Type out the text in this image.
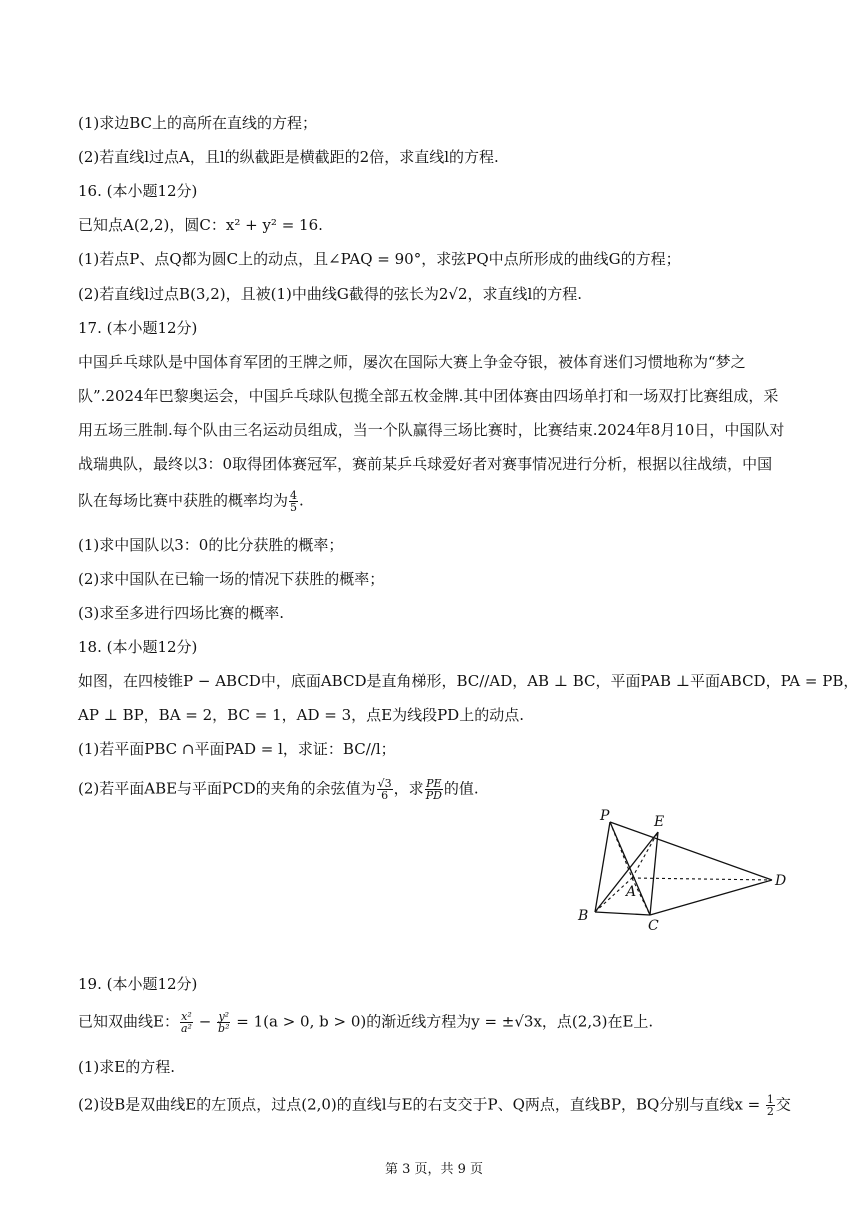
(1)求边BC上的高所在直线的方程；
(2)若直线l过点A，且l的纵截距是横截距的2倍，求直线l的方程.
16. (本小题12分)
已知点A(2,2)，圆C：x² + y² = 16.
(1)若点P、点Q都为圆C上的动点，且∠PAQ = 90°，求弦PQ中点所形成的曲线G的方程；
(2)若直线l过点B(3,2)，且被(1)中曲线G截得的弦长为2√2，求直线l的方程.
17. (本小题12分)
中国乒乓球队是中国体育军团的王牌之师，屡次在国际大赛上争金夺银，被体育迷们习惯地称为“梦之
队”.2024年巴黎奥运会，中国乒乓球队包揽全部五枚金牌.其中团体赛由四场单打和一场双打比赛组成，采
用五场三胜制.每个队由三名运动员组成，当一个队赢得三场比赛时，比赛结束.2024年8月10日，中国队对
战瑞典队，最终以3：0取得团体赛冠军，赛前某乒乓球爱好者对赛事情况进行分析，根据以往战绩，中国
队在每场比赛中获胜的概率均为 $\frac{4}{5}$ .
(1)求中国队以3：0的比分获胜的概率；
(2)求中国队在已输一场的情况下获胜的概率；
(3)求至多进行四场比赛的概率.
18. (本小题12分)
如图，在四棱锥P − ABCD中，底面ABCD是直角梯形，BC//AD，AB ⊥ BC，平面PAB ⊥平面ABCD，PA = PB，
AP ⊥ BP，BA = 2，BC = 1，AD = 3，点E为线段PD上的动点.
(1)若平面PBC ∩平面PAD = l，求证：BC//l；
(2)若平面ABE与平面PCD的夹角的余弦值为 $\frac{√3}{6}$ ，求 $\frac{PE}{PD}$ 的值.
P	E
A
D
B
C
19. (本小题12分)
已知双曲线E： $\frac{\text{x²}}{\text{a²}} - \frac{\text{y²}}{\text{b²}} = 1(a > 0$, b > 0)的渐近线方程为y = ±√3x，点(2,3)在E上.
(1)求E的方程.
(2)设B是双曲线E的左顶点，过点(2,0)的直线l与E的右支交于P、Q两点，直线BP，BQ分别与直线$x = \frac{1}{2}$ 交
第 3 页，共 9 页
